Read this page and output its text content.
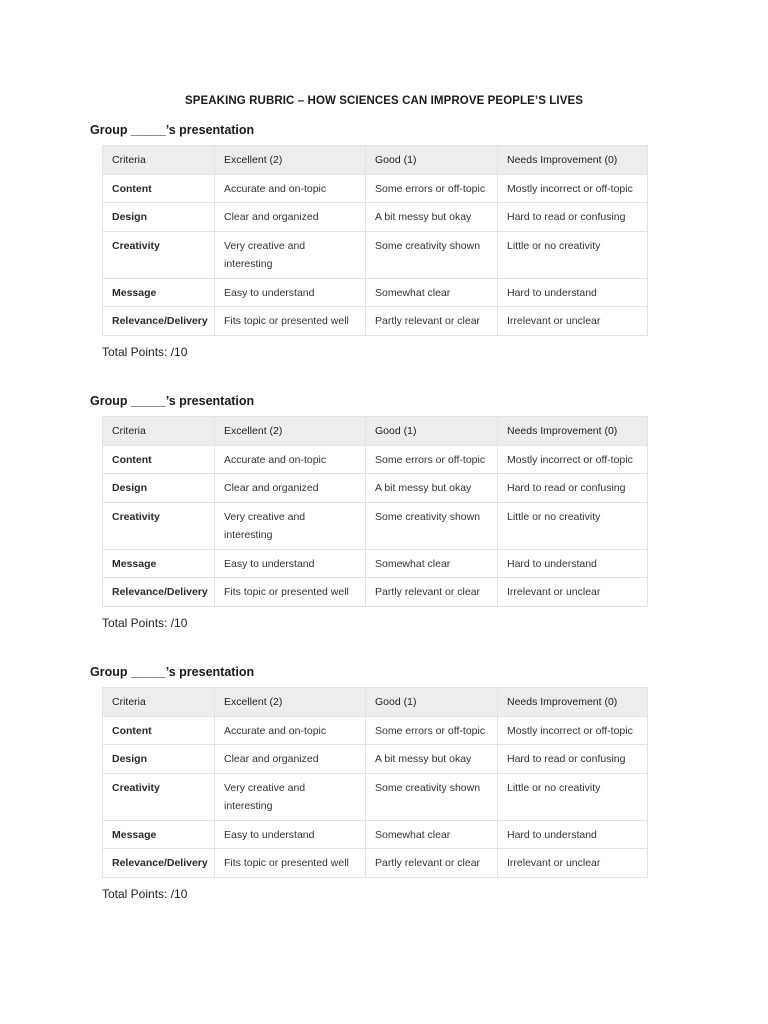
SPEAKING RUBRIC – HOW SCIENCES CAN IMPROVE PEOPLE’S LIVES
Group _____’s presentation
Criteria	Excellent (2)	Good (1)	Needs Improvement (0)
Content	Accurate and on-topic	Some errors or off-topic	Mostly incorrect or off-topic
Design	Clear and organized	A bit messy but okay	Hard to read or confusing
Creativity	Very creative and interesting	Some creativity shown	Little or no creativity
Message	Easy to understand	Somewhat clear	Hard to understand
Relevance/Delivery	Fits topic or presented well	Partly relevant or clear	Irrelevant or unclear
Total Points: /10
Group _____’s presentation
Criteria	Excellent (2)	Good (1)	Needs Improvement (0)
Content	Accurate and on-topic	Some errors or off-topic	Mostly incorrect or off-topic
Design	Clear and organized	A bit messy but okay	Hard to read or confusing
Creativity	Very creative and interesting	Some creativity shown	Little or no creativity
Message	Easy to understand	Somewhat clear	Hard to understand
Relevance/Delivery	Fits topic or presented well	Partly relevant or clear	Irrelevant or unclear
Total Points: /10
Group _____’s presentation
Criteria	Excellent (2)	Good (1)	Needs Improvement (0)
Content	Accurate and on-topic	Some errors or off-topic	Mostly incorrect or off-topic
Design	Clear and organized	A bit messy but okay	Hard to read or confusing
Creativity	Very creative and interesting	Some creativity shown	Little or no creativity
Message	Easy to understand	Somewhat clear	Hard to understand
Relevance/Delivery	Fits topic or presented well	Partly relevant or clear	Irrelevant or unclear
Total Points: /10
